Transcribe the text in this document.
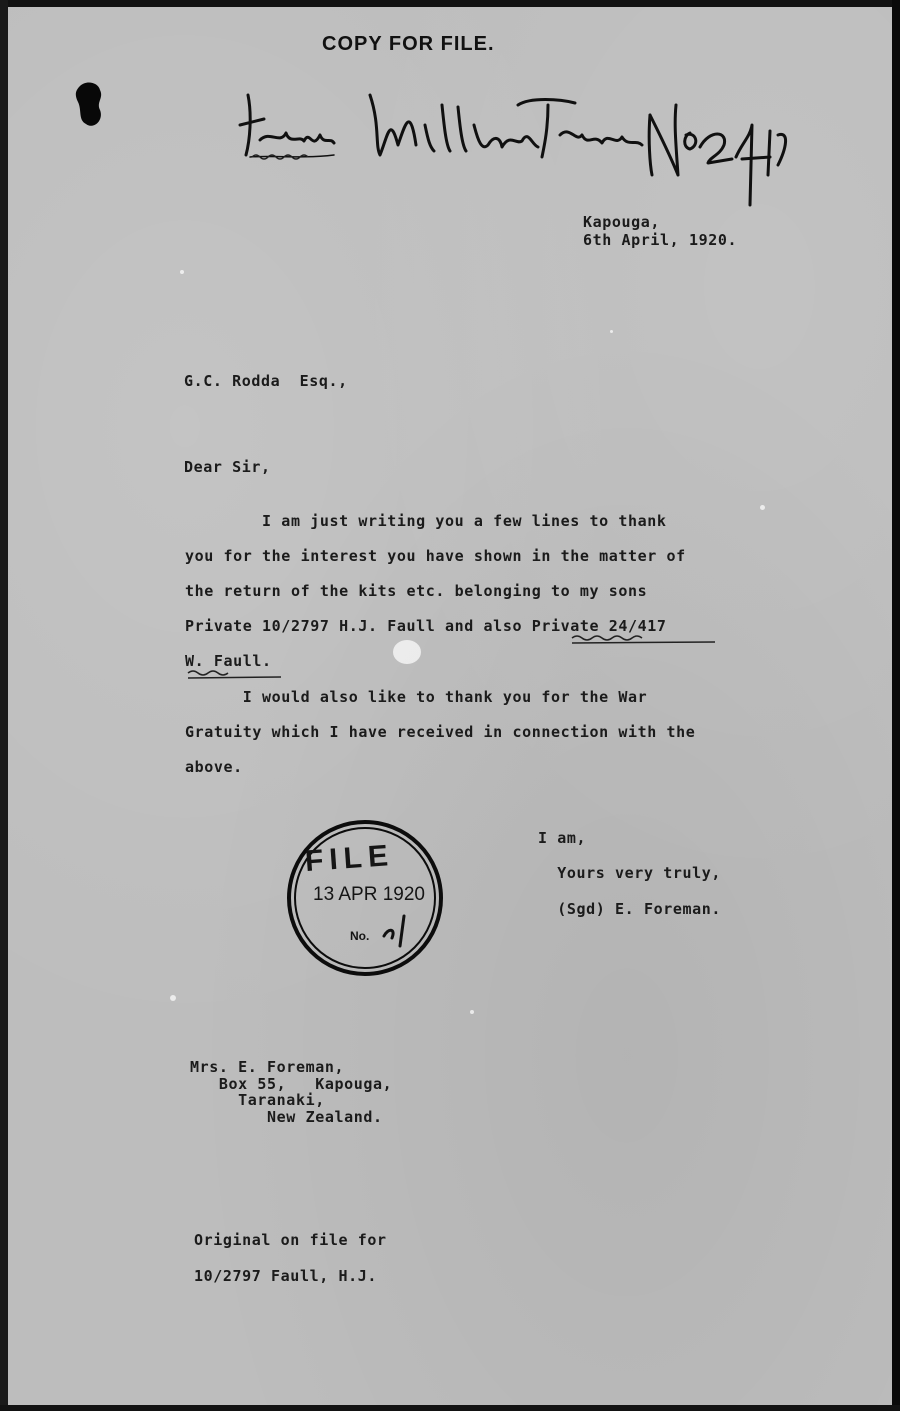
COPY FOR FILE.
Kapouga,
6th April, 1920.
G.C. Rodda  Esq.,
Dear Sir,
I am just writing you a few lines to thank
you for the interest you have shown in the matter of
the return of the kits etc. belonging to my sons
Private 10/2797 H.J. Faull and also Private 24/417
W. Faull.
I would also like to thank you for the War
Gratuity which I have received in connection with the
above.
I am,
Yours very truly,
(Sgd) E. Foreman.
FILE
13 APR 1920
No.
Mrs. E. Foreman,
Box 55,   Kapouga,
Taranaki,
New Zealand.
Original on file for
10/2797 Faull, H.J.
